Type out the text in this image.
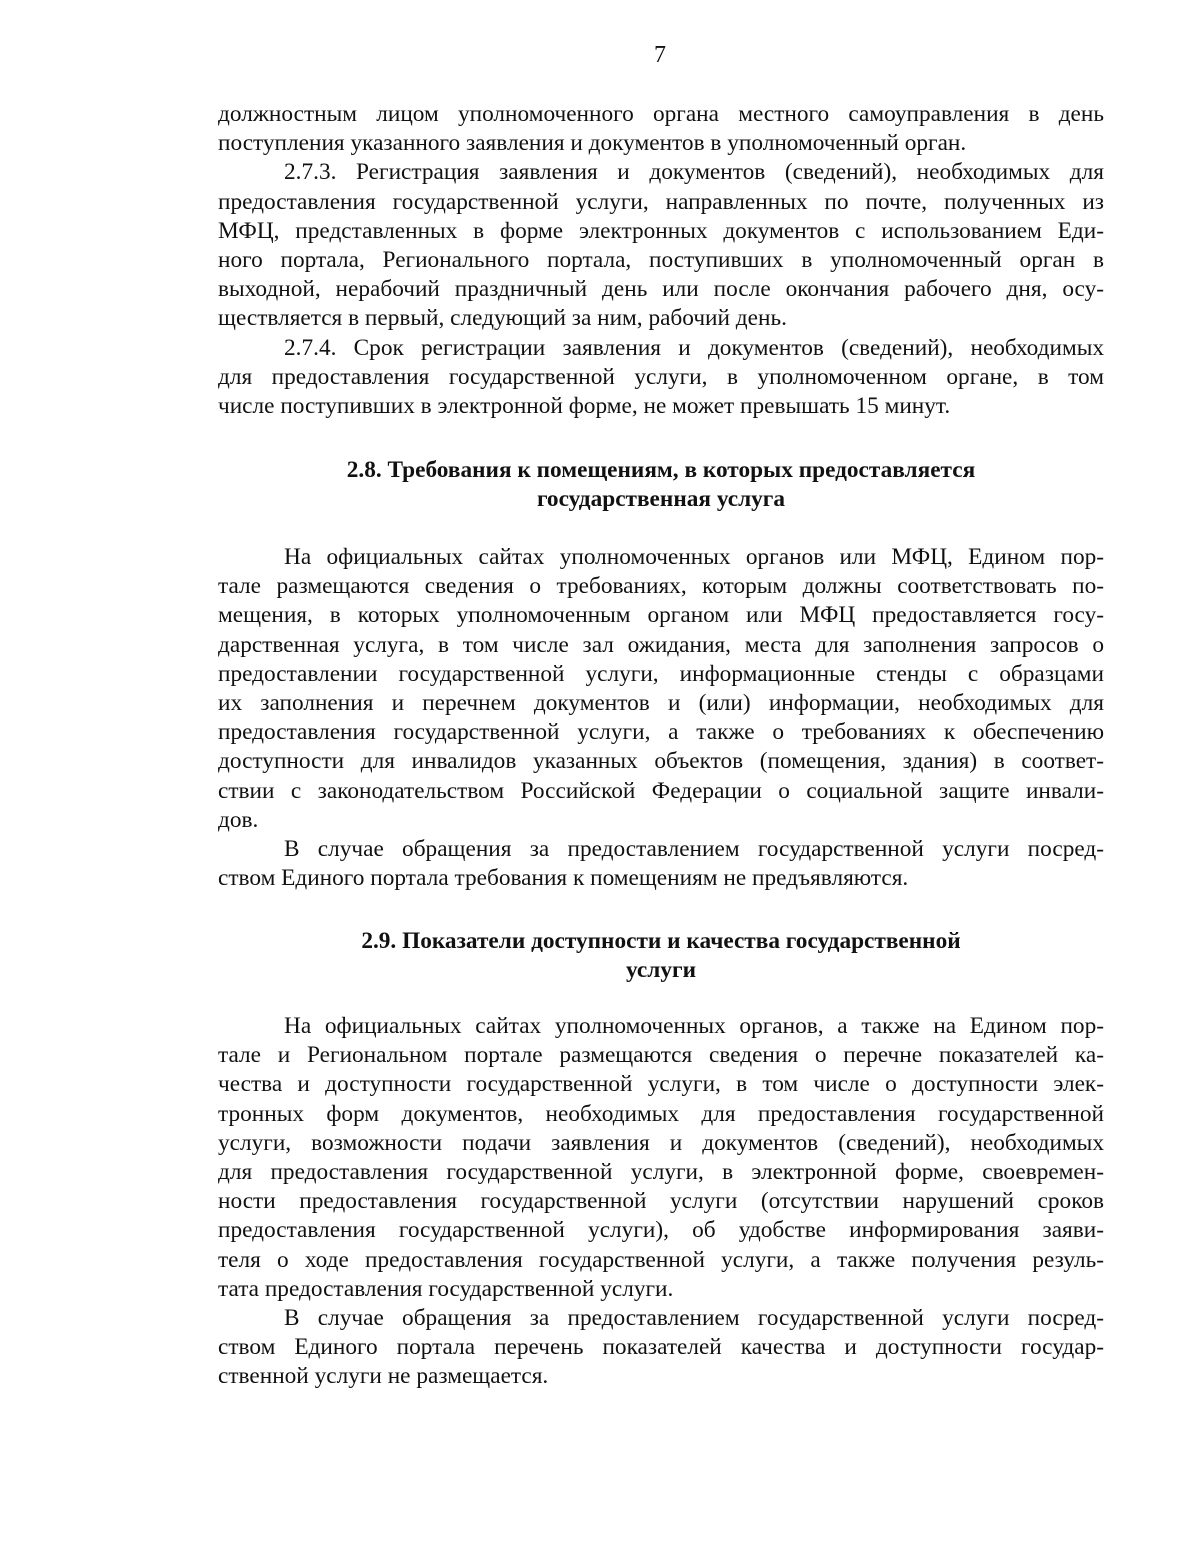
7
должностным лицом уполномоченного органа местного самоуправления в день
поступления указанного заявления и документов в уполномоченный орган.
2.7.3. Регистрация заявления и документов (сведений), необходимых для
предоставления государственной услуги, направленных по почте, полученных из
МФЦ, представленных в форме электронных документов с использованием Еди-
ного портала, Регионального портала, поступивших в уполномоченный орган в
выходной, нерабочий праздничный день или после окончания рабочего дня, осу-
ществляется в первый, следующий за ним, рабочий день.
2.7.4. Срок регистрации заявления и документов (сведений), необходимых
для предоставления государственной услуги, в уполномоченном органе, в том
числе поступивших в электронной форме, не может превышать 15 минут.
2.8. Требования к помещениям, в которых предоставляется
государственная услуга
На официальных сайтах уполномоченных органов или МФЦ, Едином пор-
тале размещаются сведения о требованиях, которым должны соответствовать по-
мещения, в которых уполномоченным органом или МФЦ предоставляется госу-
дарственная услуга, в том числе зал ожидания, места для заполнения запросов о
предоставлении государственной услуги, информационные стенды с образцами
их заполнения и перечнем документов и (или) информации, необходимых для
предоставления государственной услуги, а также о требованиях к обеспечению
доступности для инвалидов указанных объектов (помещения, здания) в соответ-
ствии с законодательством Российской Федерации о социальной защите инвали-
дов.
В случае обращения за предоставлением государственной услуги посред-
ством Единого портала требования к помещениям не предъявляются.
2.9. Показатели доступности и качества государственной
услуги
На официальных сайтах уполномоченных органов, а также на Едином пор-
тале и Региональном портале размещаются сведения о перечне показателей ка-
чества и доступности государственной услуги, в том числе о доступности элек-
тронных форм документов, необходимых для предоставления государственной
услуги, возможности подачи заявления и документов (сведений), необходимых
для предоставления государственной услуги, в электронной форме, своевремен-
ности предоставления государственной услуги (отсутствии нарушений сроков
предоставления государственной услуги), об удобстве информирования заяви-
теля о ходе предоставления государственной услуги, а также получения резуль-
тата предоставления государственной услуги.
В случае обращения за предоставлением государственной услуги посред-
ством Единого портала перечень показателей качества и доступности государ-
ственной услуги не размещается.
